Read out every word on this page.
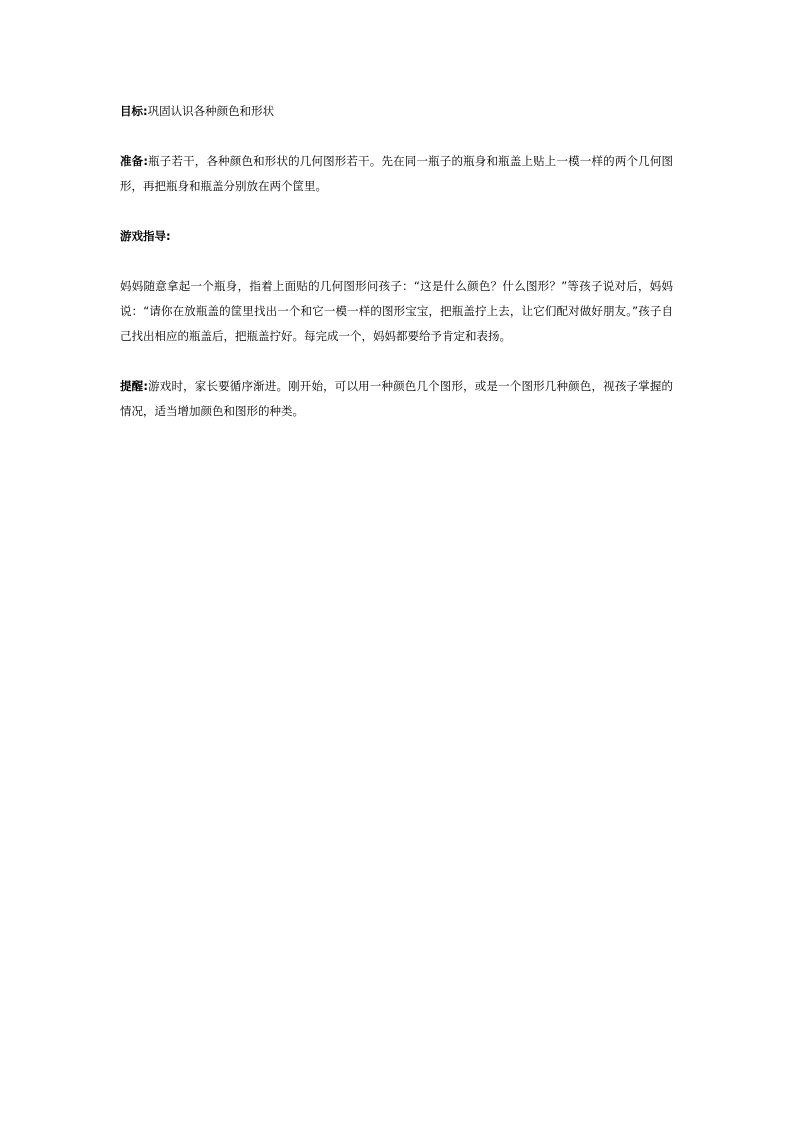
目标:巩固认识各种颜色和形状

准备:瓶子若干，各种颜色和形状的几何图形若干。先在同一瓶子的瓶身和瓶盖上贴上一模一样的两个几何图形，再把瓶身和瓶盖分别放在两个筐里。

游戏指导:

妈妈随意拿起一个瓶身，指着上面贴的几何图形问孩子：“这是什么颜色？什么图形？”等孩子说对后，妈妈说：“请你在放瓶盖的筐里找出一个和它一模一样的图形宝宝，把瓶盖拧上去，让它们配对做好朋友。”孩子自己找出相应的瓶盖后，把瓶盖拧好。每完成一个，妈妈都要给予肯定和表扬。

提醒:游戏时，家长要循序渐进。刚开始，可以用一种颜色几个图形，或是一个图形几种颜色，视孩子掌握的情况，适当增加颜色和图形的种类。
